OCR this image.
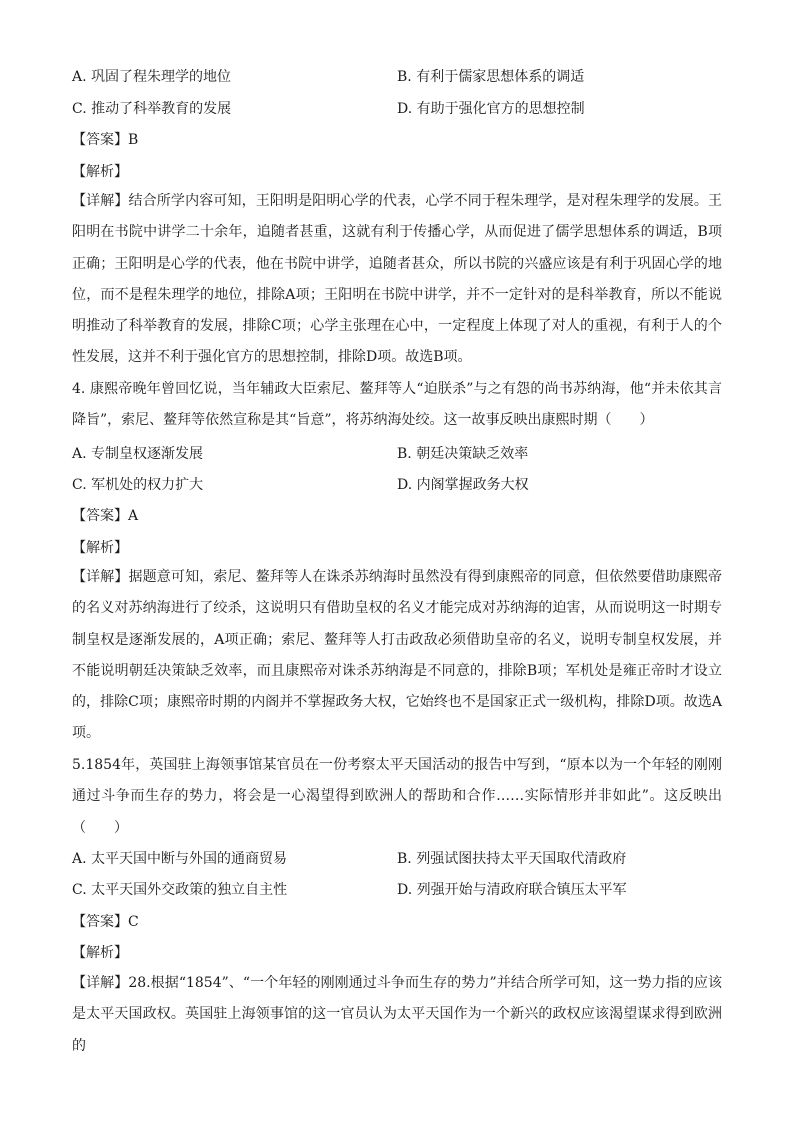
A. 巩固了程朱理学的地位	B. 有利于儒家思想体系的调适
C. 推动了科举教育的发展	D. 有助于强化官方的思想控制
【答案】B
【解析】

【详解】结合所学内容可知，王阳明是阳明心学的代表，心学不同于程朱理学，是对程朱理学的发展。王阳明在书院中讲学二十余年，追随者甚重，这就有利于传播心学，从而促进了儒学思想体系的调适，B项正确；王阳明是心学的代表，他在书院中讲学，追随者甚众，所以书院的兴盛应该是有利于巩固心学的地位，而不是程朱理学的地位，排除A项；王阳明在书院中讲学，并不一定针对的是科举教育，所以不能说明推动了科举教育的发展，排除C项；心学主张理在心中，一定程度上体现了对人的重视，有利于人的个性发展，这并不利于强化官方的思想控制，排除D项。故选B项。

4. 康熙帝晚年曾回忆说，当年辅政大臣索尼、鳌拜等人“迫朕杀”与之有怨的尚书苏纳海，他“并未依其言降旨”，索尼、鳌拜等依然宣称是其“旨意”，将苏纳海处绞。这一故事反映出康熙时期（　　）

A. 专制皇权逐渐发展	B. 朝廷决策缺乏效率
C. 军机处的权力扩大	D. 内阁掌握政务大权
【答案】A
【解析】

【详解】据题意可知，索尼、鳌拜等人在诛杀苏纳海时虽然没有得到康熙帝的同意，但依然要借助康熙帝的名义对苏纳海进行了绞杀，这说明只有借助皇权的名义才能完成对苏纳海的迫害，从而说明这一时期专制皇权是逐渐发展的，A项正确；索尼、鳌拜等人打击政敌必须借助皇帝的名义，说明专制皇权发展，并不能说明朝廷决策缺乏效率，而且康熙帝对诛杀苏纳海是不同意的，排除B项；军机处是雍正帝时才设立的，排除C项；康熙帝时期的内阁并不掌握政务大权，它始终也不是国家正式一级机构，排除D项。故选A项。

5.1854年，英国驻上海领事馆某官员在一份考察太平天国活动的报告中写到，“原本以为一个年轻的刚刚通过斗争而生存的势力，将会是一心渴望得到欧洲人的帮助和合作……实际情形并非如此”。这反映出（　　）

A. 太平天国中断与外国的通商贸易	B. 列强试图扶持太平天国取代清政府
C. 太平天国外交政策的独立自主性	D. 列强开始与清政府联合镇压太平军
【答案】C
【解析】

【详解】28.根据“1854”、“一个年轻的刚刚通过斗争而生存的势力”并结合所学可知，这一势力指的应该是太平天国政权。英国驻上海领事馆的这一官员认为太平天国作为一个新兴的政权应该渴望谋求得到欧洲的
